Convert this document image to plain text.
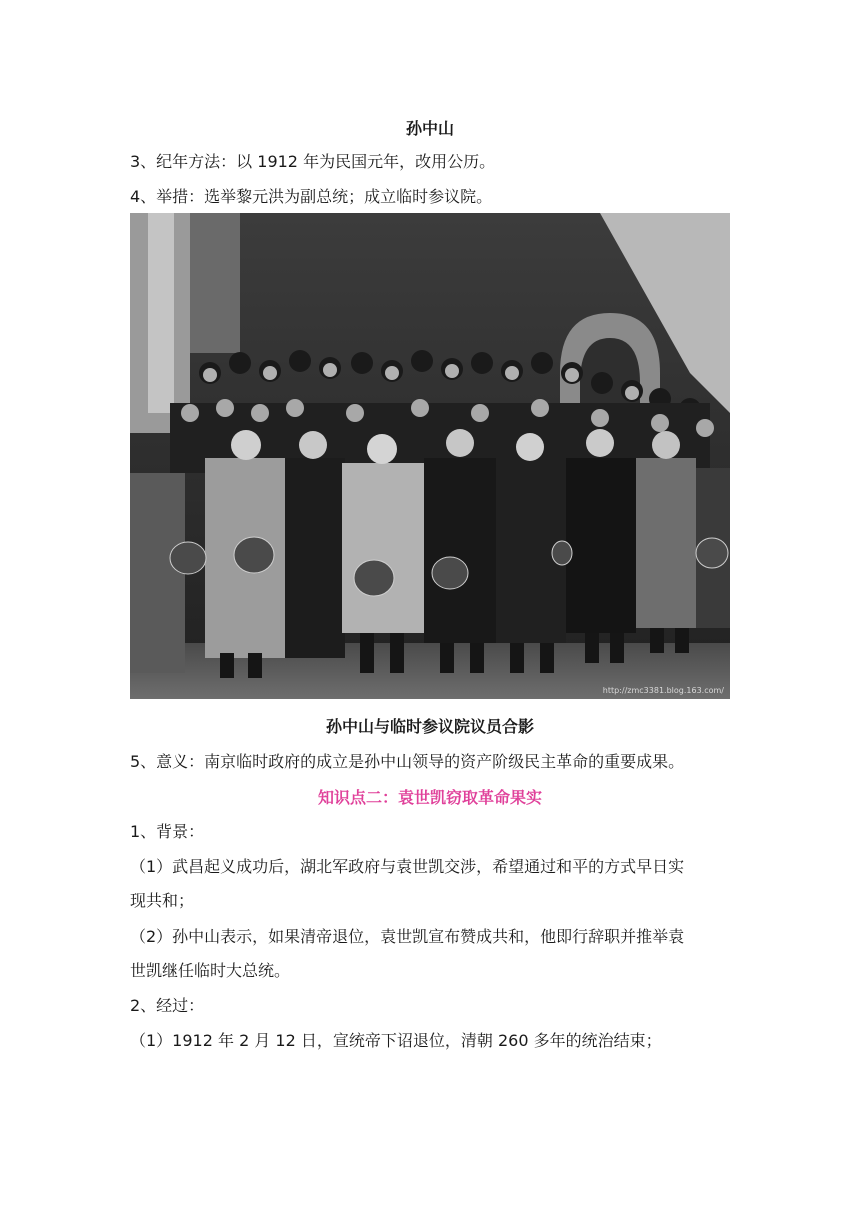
孙中山
3、纪年方法：以 1912 年为民国元年，改用公历。
4、举措：选举黎元洪为副总统；成立临时参议院。
http://zmc3381.blog.163.com/
孙中山与临时参议院议员合影
5、意义：南京临时政府的成立是孙中山领导的资产阶级民主革命的重要成果。
知识点二：袁世凯窃取革命果实
1、背景：
（1）武昌起义成功后，湖北军政府与袁世凯交涉，希望通过和平的方式早日实
现共和；
（2）孙中山表示，如果清帝退位，袁世凯宣布赞成共和，他即行辞职并推举袁
世凯继任临时大总统。
2、经过：
（1）1912 年 2 月 12 日，宣统帝下诏退位，清朝 260 多年的统治结束；
